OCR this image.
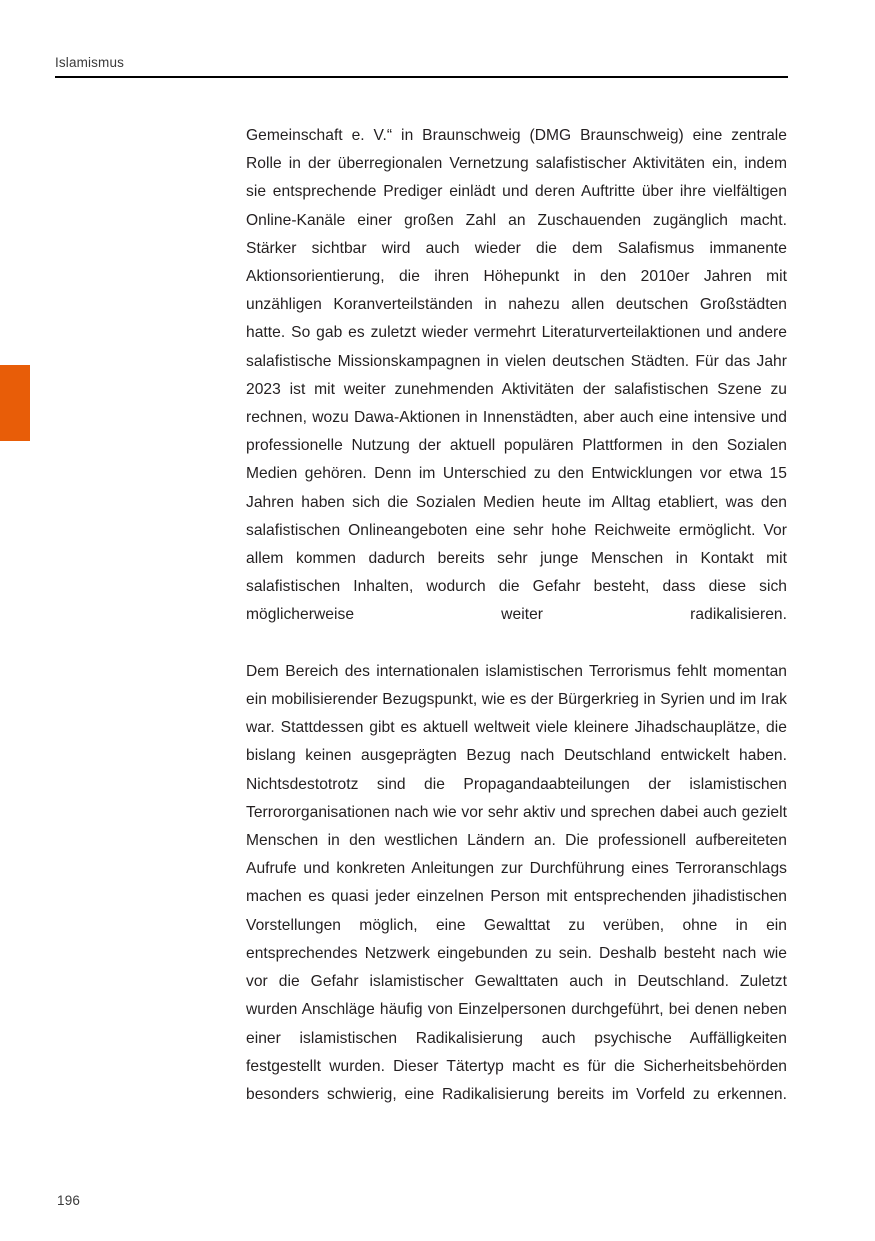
Islamismus

Gemeinschaft e. V.“ in Braunschweig (DMG Braunschweig) eine zentrale Rolle in der überregionalen Vernetzung salafistischer Aktivitäten ein, indem sie entsprechende Prediger einlädt und deren Auftritte über ihre vielfältigen Online-Kanäle einer großen Zahl an Zuschauenden zugänglich macht. Stärker sichtbar wird auch wieder die dem Salafismus immanente Aktionsorientierung, die ihren Höhepunkt in den 2010er Jahren mit unzähligen Koranverteilständen in nahezu allen deutschen Großstädten hatte. So gab es zuletzt wieder vermehrt Literaturverteilaktionen und andere salafistische Missionskampagnen in vielen deutschen Städten. Für das Jahr 2023 ist mit weiter zunehmenden Aktivitäten der salafistischen Szene zu rechnen, wozu Dawa-Aktionen in Innenstädten, aber auch eine intensive und professionelle Nutzung der aktuell populären Plattformen in den Sozialen Medien gehören. Denn im Unterschied zu den Entwicklungen vor etwa 15 Jahren haben sich die Sozialen Medien heute im Alltag etabliert, was den salafistischen Onlineangeboten eine sehr hohe Reichweite ermöglicht. Vor allem kommen dadurch bereits sehr junge Menschen in Kontakt mit salafistischen Inhalten, wodurch die Gefahr besteht, dass diese sich möglicherweise weiter radikalisieren.

Dem Bereich des internationalen islamistischen Terrorismus fehlt momentan ein mobilisierender Bezugspunkt, wie es der Bürgerkrieg in Syrien und im Irak war. Stattdessen gibt es aktuell weltweit viele kleinere Jihadschauplätze, die bislang keinen ausgeprägten Bezug nach Deutschland entwickelt haben. Nichtsdestotrotz sind die Propagandaabteilungen der islamistischen Terrororganisationen nach wie vor sehr aktiv und sprechen dabei auch gezielt Menschen in den westlichen Ländern an. Die professionell aufbereiteten Aufrufe und konkreten Anleitungen zur Durchführung eines Terroranschlags machen es quasi jeder einzelnen Person mit entsprechenden jihadistischen Vorstellungen möglich, eine Gewalttat zu verüben, ohne in ein entsprechendes Netzwerk eingebunden zu sein. Deshalb besteht nach wie vor die Gefahr islamistischer Gewalttaten auch in Deutschland. Zuletzt wurden Anschläge häufig von Einzelpersonen durchgeführt, bei denen neben einer islamistischen Radikalisierung auch psychische Auffälligkeiten festgestellt wurden. Dieser Tätertyp macht es für die Sicherheitsbehörden besonders schwierig, eine Radikalisierung bereits im Vorfeld zu erkennen.

196
